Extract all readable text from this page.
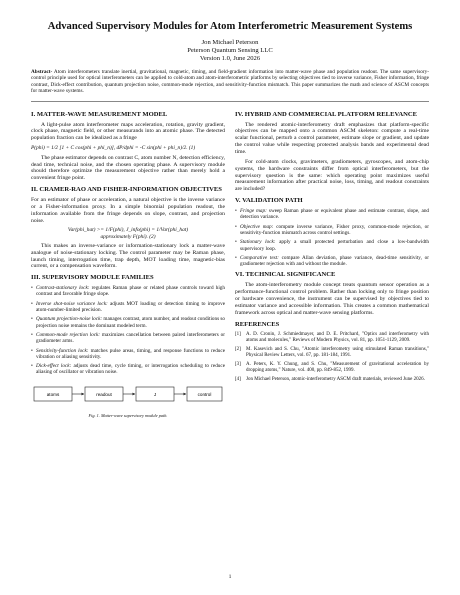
Advanced Supervisory Modules for Atom Interferometric Measurement Systems
Jon Michael Peterson
Peterson Quantum Sensing LLC
Version 1.0, June 2026
Abstract- Atom interferometers translate inertial, gravitational, magnetic, timing, and field-gradient information into matter-wave phase and population readout. The same supervisory-control principle used for optical interferometers can be applied to cold-atom and atom-interferometric platforms by selecting objectives tied to inverse variance, Fisher information, fringe contrast, Dick-effect contribution, quantum projection noise, common-mode rejection, and sensitivity-function mismatch. This paper summarizes the math and science of ASCM concepts for matter-wave systems.
I. MATTER-WAVE MEASUREMENT MODEL
A light-pulse atom interferometer maps acceleration, rotation, gravity gradient, clock phase, magnetic field, or other measurands into an atomic phase. The detected population fraction can be idealized as a fringe
P(phi) = 1/2 [1 + C cos(phi + phi_n)], dP/dphi = -C sin(phi + phi_n)/2. (1)
The phase estimator depends on contrast C, atom number N, detection efficiency, dead time, technical noise, and the chosen operating phase. A supervisory module should therefore optimize the measurement objective rather than merely hold a convenient fringe point.
II. CRAMER-RAO AND FISHER-INFORMATION OBJECTIVES
For an estimator of phase or acceleration, a natural objective is the inverse variance or a Fisher-information proxy. In a simple binomial population readout, the information available from the fringe depends on slope, contrast, and projection noise.
Var(phi_hat) >= 1/F(phi), J_info(phi) = 1/Var(phi_hat)
approximately F(phi). (2)
This makes an inverse-variance or information-stationary lock a matter-wave analogue of noise-stationary locking. The control parameter may be Raman phase, launch timing, interrogation time, trap depth, MOT loading time, magnetic-bias current, or a compensation waveform.
III. SUPERVISORY MODULE FAMILIES
• Contrast-stationary lock: regulates Raman phase or related phase controls toward high contrast and favorable fringe slope.
• Inverse shot-noise variance lock: adjusts MOT loading or detection timing to improve atom-number-limited precision.
• Quantum projection-noise lock: manages contrast, atom number, and readout conditions so projection noise remains the dominant modeled term.
• Common-mode rejection lock: maximizes cancellation between paired interferometers or gradiometer arms.
• Sensitivity-function lock: matches pulse areas, timing, and response functions to reduce vibration or aliasing sensitivity.
• Dick-effect lock: adjusts dead time, cycle timing, or interrogation scheduling to reduce aliasing of oscillator or vibration noise.
atoms	readout	J	control
Fig. 1. Matter-wave supervisory module path.
IV. HYBRID AND COMMERCIAL PLATFORM RELEVANCE
The rendered atomic-interferometry draft emphasizes that platform-specific objectives can be mapped onto a common ASCM skeleton: compute a real-time scalar functional, perturb a control parameter, estimate slope or gradient, and update the control value while respecting protected analysis bands and experimental dead time.
For cold-atom clocks, gravimeters, gradiometers, gyroscopes, and atom-chip systems, the hardware constraints differ from optical interferometers, but the supervisory question is the same: which operating point maximizes useful measurement information after practical noise, loss, timing, and readout constraints are included?
V. VALIDATION PATH
• Fringe map: sweep Raman phase or equivalent phase and estimate contrast, slope, and detection variance.
• Objective map: compute inverse variance, Fisher proxy, common-mode rejection, or sensitivity-function mismatch across control settings.
• Stationary lock: apply a small protected perturbation and close a low-bandwidth supervisory loop.
• Comparative test: compare Allan deviation, phase variance, dead-time sensitivity, or gradiometer rejection with and without the module.
VI. TECHNICAL SIGNIFICANCE
The atom-interferometry module concept treats quantum sensor operation as a performance-functional control problem. Rather than locking only to fringe position or hardware convenience, the instrument can be supervised by objectives tied to estimator variance and accessible information. This creates a common mathematical framework across optical and matter-wave sensing platforms.
REFERENCES
[1]	A. D. Cronin, J. Schmiedmayer, and D. E. Pritchard, "Optics and interferometry with atoms and molecules," Reviews of Modern Physics, vol. 81, pp. 1051-1129, 2009.
[2]	M. Kasevich and S. Chu, "Atomic interferometry using stimulated Raman transitions," Physical Review Letters, vol. 67, pp. 181-184, 1991.
[3]	A. Peters, K. Y. Chung, and S. Chu, "Measurement of gravitational acceleration by dropping atoms," Nature, vol. 400, pp. 849-852, 1999.
[4]	Jon Michael Peterson, atomic-interferometry ASCM draft materials, reviewed June 2026.
1
